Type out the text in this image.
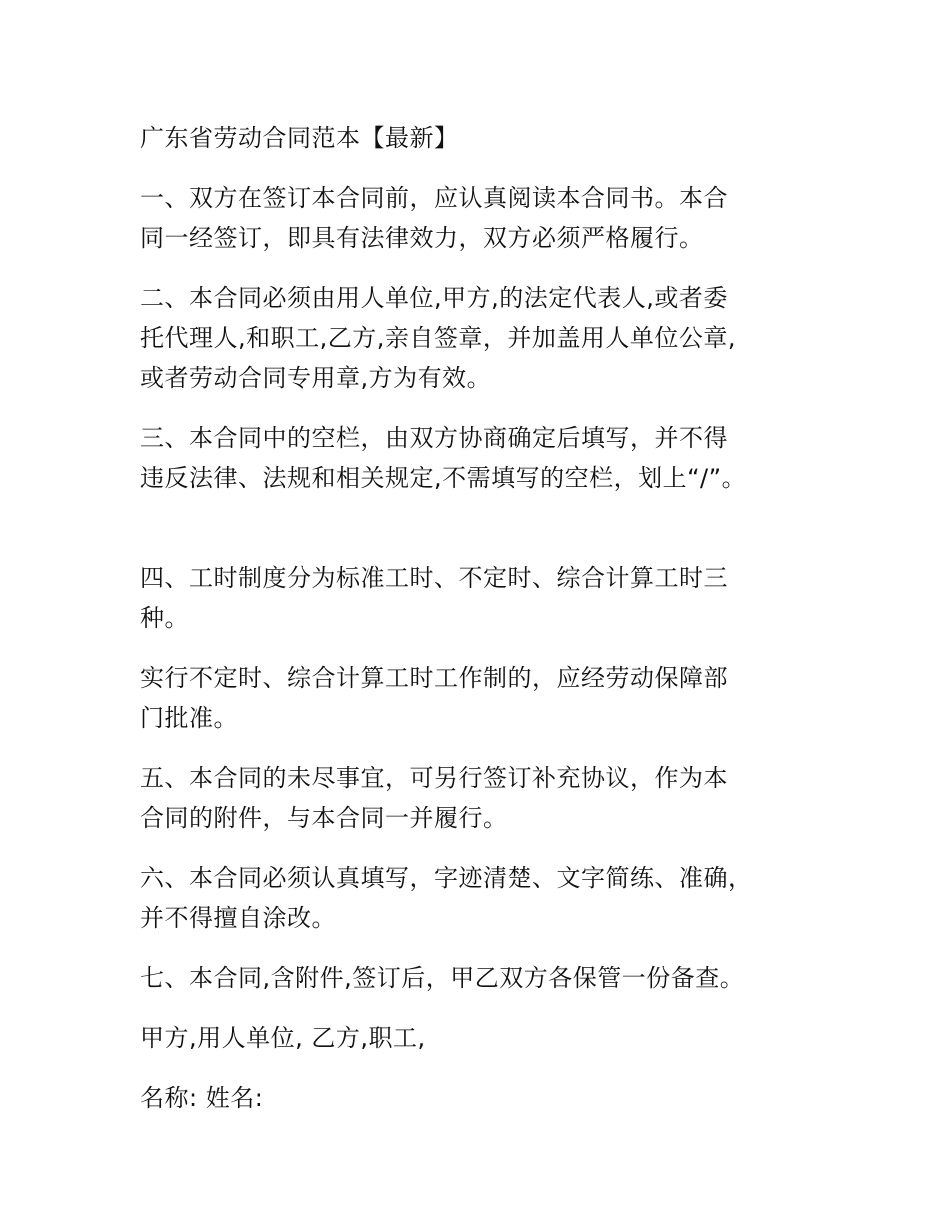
广东省劳动合同范本【最新】
一、双方在签订本合同前，应认真阅读本合同书。本合
同一经签订，即具有法律效力，双方必须严格履行。
二、本合同必须由用人单位,甲方,的法定代表人,或者委
托代理人,和职工,乙方,亲自签章，并加盖用人单位公章,
或者劳动合同专用章,方为有效。
三、本合同中的空栏，由双方协商确定后填写，并不得
违反法律、法规和相关规定,不需填写的空栏，划上“/”。
四、工时制度分为标准工时、不定时、综合计算工时三
种。
实行不定时、综合计算工时工作制的，应经劳动保障部
门批准。
五、本合同的未尽事宜，可另行签订补充协议，作为本
合同的附件，与本合同一并履行。
六、本合同必须认真填写，字迹清楚、文字简练、准确，
并不得擅自涂改。
七、本合同,含附件,签订后，甲乙双方各保管一份备查。
甲方,用人单位, 乙方,职工,
名称: 姓名:
